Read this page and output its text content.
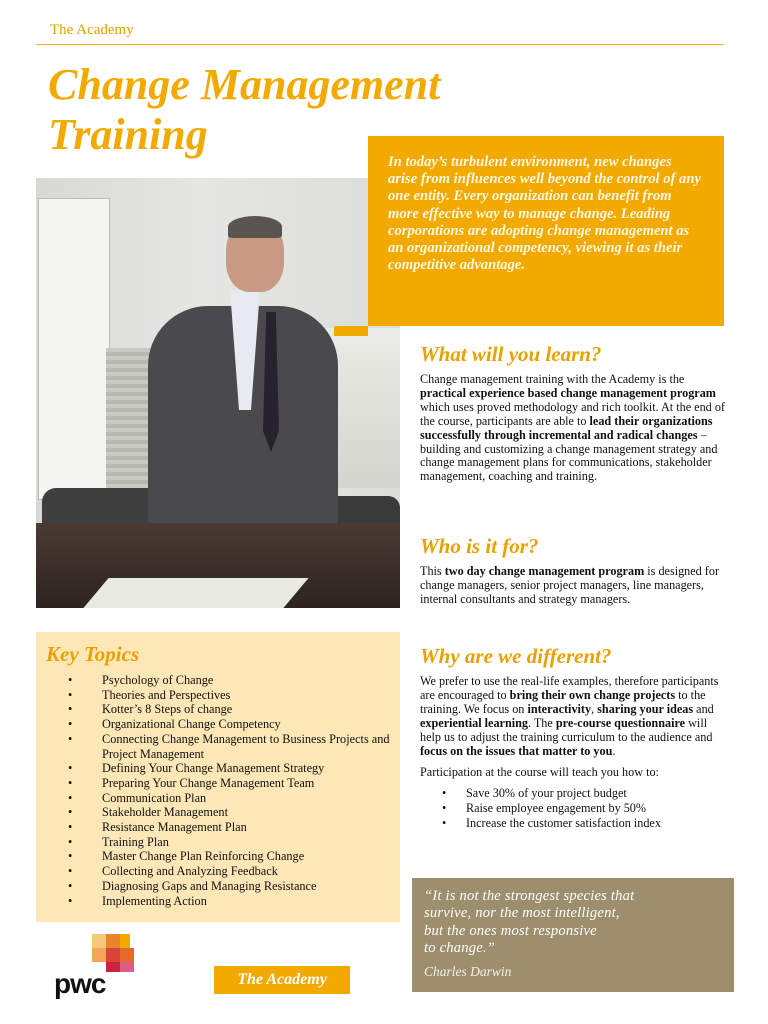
The Academy
Change Management
Training

In today’s turbulent environment, new changes arise from influences well beyond the control of any one entity. Every organization can benefit from more effective way to manage change. Leading corporations are adopting change management as an organizational competency, viewing it as their competitive advantage.

What will you learn?

Change management training with the Academy is the practical experience based change management program which uses proved methodology and rich toolkit. At the end of the course, participants are able to lead their organizations successfully through incremental and radical changes – building and customizing a change management strategy and change management plans for communications, stakeholder management, coaching and training.

Who is it for?

This two day change management program is designed for change managers, senior project managers, line managers, internal consultants and strategy managers.

Why are we different?

We prefer to use the real-life examples, therefore participants are encouraged to bring their own change projects to the training. We focus on interactivity, sharing your ideas and experiential learning. The pre-course questionnaire will help us to adjust the training curriculum to the audience and focus on the issues that matter to you.

Participation at the course will teach you how to:

• Save 30% of your project budget
• Raise employee engagement by 50%
• Increase the customer satisfaction index
Key Topics
• Psychology of Change
• Theories and Perspectives
• Kotter’s 8 Steps of change
• Organizational Change Competency
• Connecting Change Management to Business Projects and Project Management
• Defining Your Change Management Strategy
• Preparing Your Change Management Team
• Communication Plan
• Stakeholder Management
• Resistance Management Plan
• Training Plan
• Master Change Plan Reinforcing Change
• Collecting and Analyzing Feedback
• Diagnosing Gaps and Managing Resistance
• Implementing Action	“It is not the strongest species that
survive, nor the most intelligent,
but the ones most responsive
to change.”

Charles Darwin

pwc	The Academy
